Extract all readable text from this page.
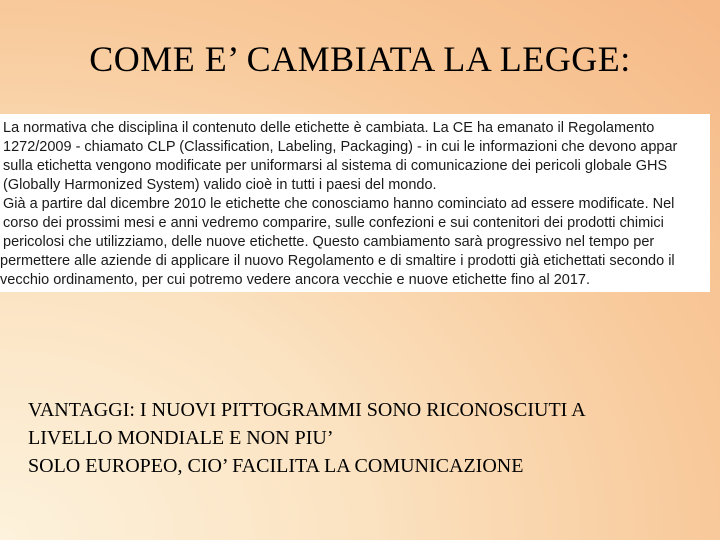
COME E’ CAMBIATA LA LEGGE:
La normativa che disciplina il contenuto delle etichette è cambiata. La CE ha emanato il Regolamento
1272/2009 - chiamato CLP (Classification, Labeling, Packaging) - in cui le informazioni che devono appar
sulla etichetta vengono modificate per uniformarsi al sistema di comunicazione dei pericoli globale GHS
(Globally Harmonized System) valido cioè in tutti i paesi del mondo.
Già a partire dal dicembre 2010 le etichette che conosciamo hanno cominciato ad essere modificate. Nel
corso dei prossimi mesi e anni vedremo comparire, sulle confezioni e sui contenitori dei prodotti chimici
pericolosi che utilizziamo, delle nuove etichette. Questo cambiamento sarà progressivo nel tempo per
permettere alle aziende di applicare il nuovo Regolamento e di smaltire i prodotti già etichettati secondo il
vecchio ordinamento, per cui potremo vedere ancora vecchie e nuove etichette fino al 2017.
VANTAGGI: I NUOVI PITTOGRAMMI SONO RICONOSCIUTI A
LIVELLO MONDIALE E NON PIU’
SOLO EUROPEO, CIO’ FACILITA LA COMUNICAZIONE
